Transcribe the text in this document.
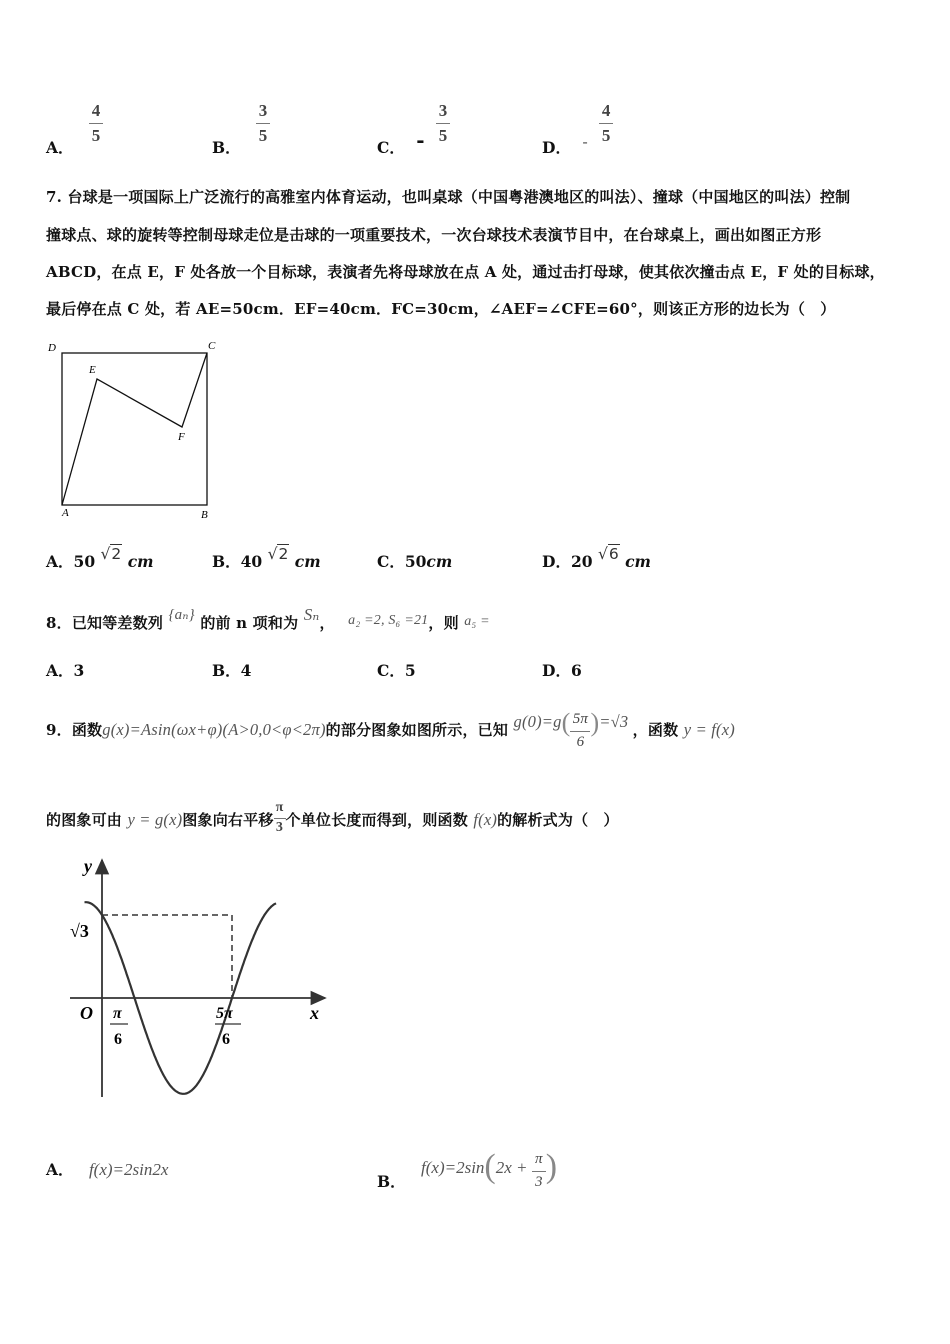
A．
$\frac{4}{5}$
B．
$\frac{3}{5}$
C． - $\frac{3}{5}$
D． - $\frac{4}{5}$
7. 台球是一项国际上广泛流行的高雅室内体育运动，也叫桌球（中国粤港澳地区的叫法）、撞球（中国地区的叫法）控制
撞球点、球的旋转等控制母球走位是击球的一项重要技术，一次台球技术表演节目中，在台球桌上，画出如图正方形
ABCD，在点 E，F 处各放一个目标球，表演者先将母球放在点 A 处，通过击打母球，使其依次撞击点 E，F 处的目标球，
最后停在点 C 处，若 AE=50cm．EF=40cm．FC=30cm，∠AEF=∠CFE=60°，则该正方形的边长为（　）
D	C
E
F
A	B
A．50 √2 cm	B．40 √2 cm	C．50cm	D．20 √6 cm
8．已知等差数列 {aₙ} 的前 n 项和为 Sₙ， a₂ =2, S₆ =21，则 a₅ =
A．3	B．4	C．5	D．6
9．函数g(x)=Asin(ωx+φ)(A>0,0<φ<2π)的部分图象如图所示，已知 $g(0)=g( \frac{5\pi}{6} )=√3$ ，函数 y = f(x)
的图象可由 y = g(x)图象向右平移 $\frac{\pi}{3}$ 个单位长度而得到，则函数 f(x)的解析式为（　）
y
x
O
√3
π
6
5π
6
A． f(x)=2sin2x
B． $f(x)=2\sin(2x + \frac{\pi}{3}$ )
